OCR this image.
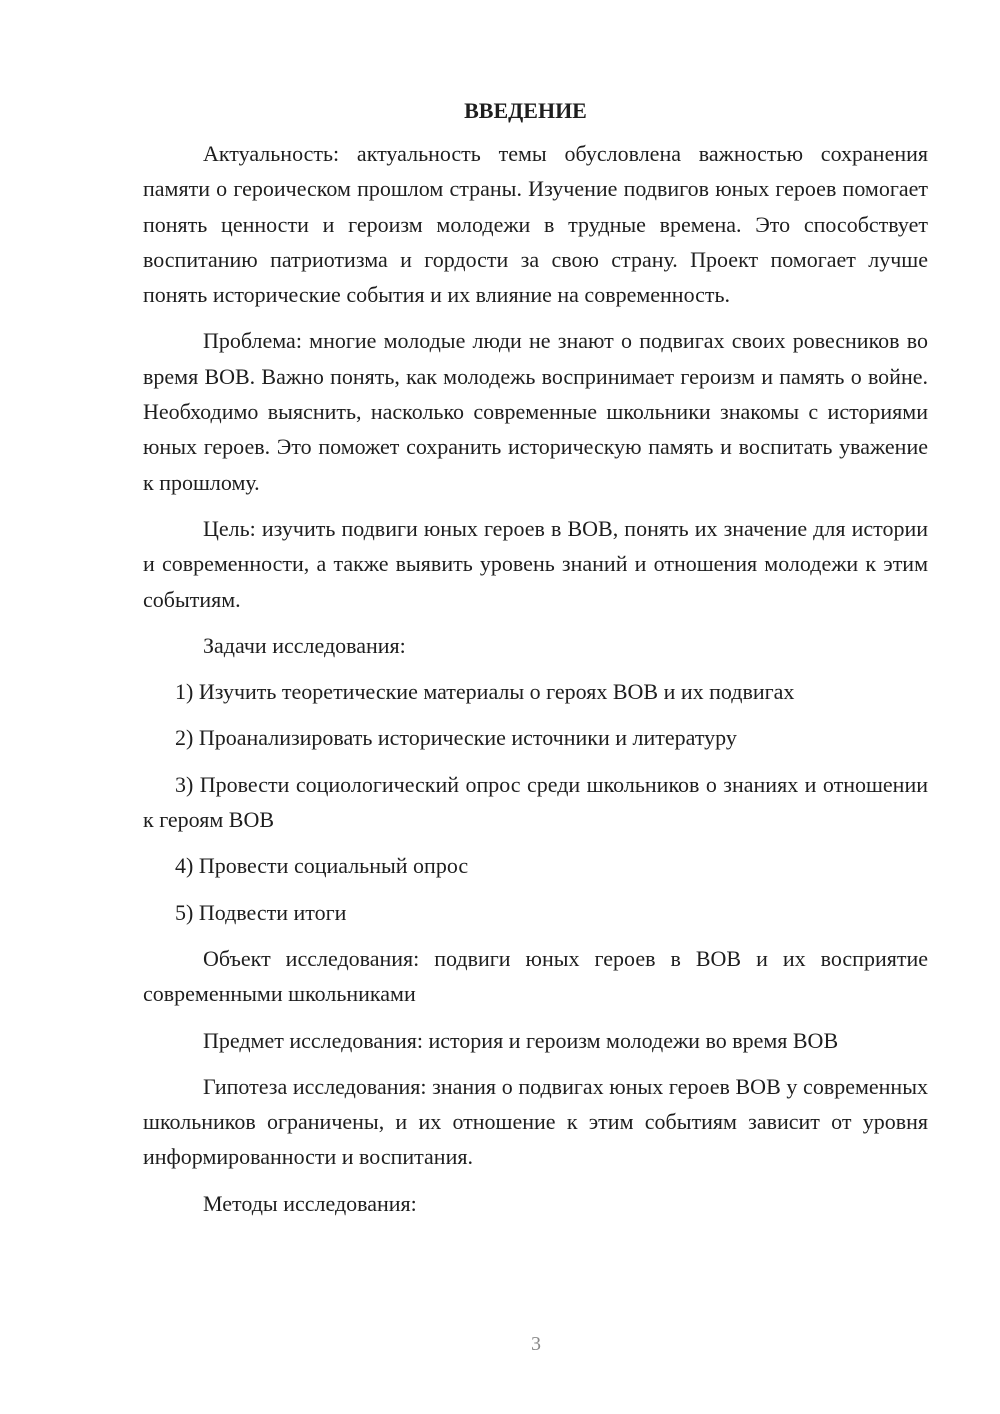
ВВЕДЕНИЕ

Актуальность: актуальность темы обусловлена важностью сохранения памяти о героическом прошлом страны. Изучение подвигов юных героев помогает понять ценности и героизм молодежи в трудные времена. Это способствует воспитанию патриотизма и гордости за свою страну. Проект помогает лучше понять исторические события и их влияние на современность.

Проблема: многие молодые люди не знают о подвигах своих ровесников во время ВОВ. Важно понять, как молодежь воспринимает героизм и память о войне. Необходимо выяснить, насколько современные школьники знакомы с историями юных героев. Это поможет сохранить историческую память и воспитать уважение к прошлому.

Цель: изучить подвиги юных героев в ВОВ, понять их значение для истории и современности, а также выявить уровень знаний и отношения молодежи к этим событиям.

Задачи исследования:

1) Изучить теоретические материалы о героях ВОВ и их подвигах

2) Проанализировать исторические источники и литературу

3) Провести социологический опрос среди школьников о знаниях и отношении к героям ВОВ

4) Провести социальный опрос

5) Подвести итоги

Объект исследования: подвиги юных героев в ВОВ и их восприятие современными школьниками

Предмет исследования: история и героизм молодежи во время ВОВ

Гипотеза исследования: знания о подвигах юных героев ВОВ у современных школьников ограничены, и их отношение к этим событиям зависит от уровня информированности и воспитания.

Методы исследования:

3
